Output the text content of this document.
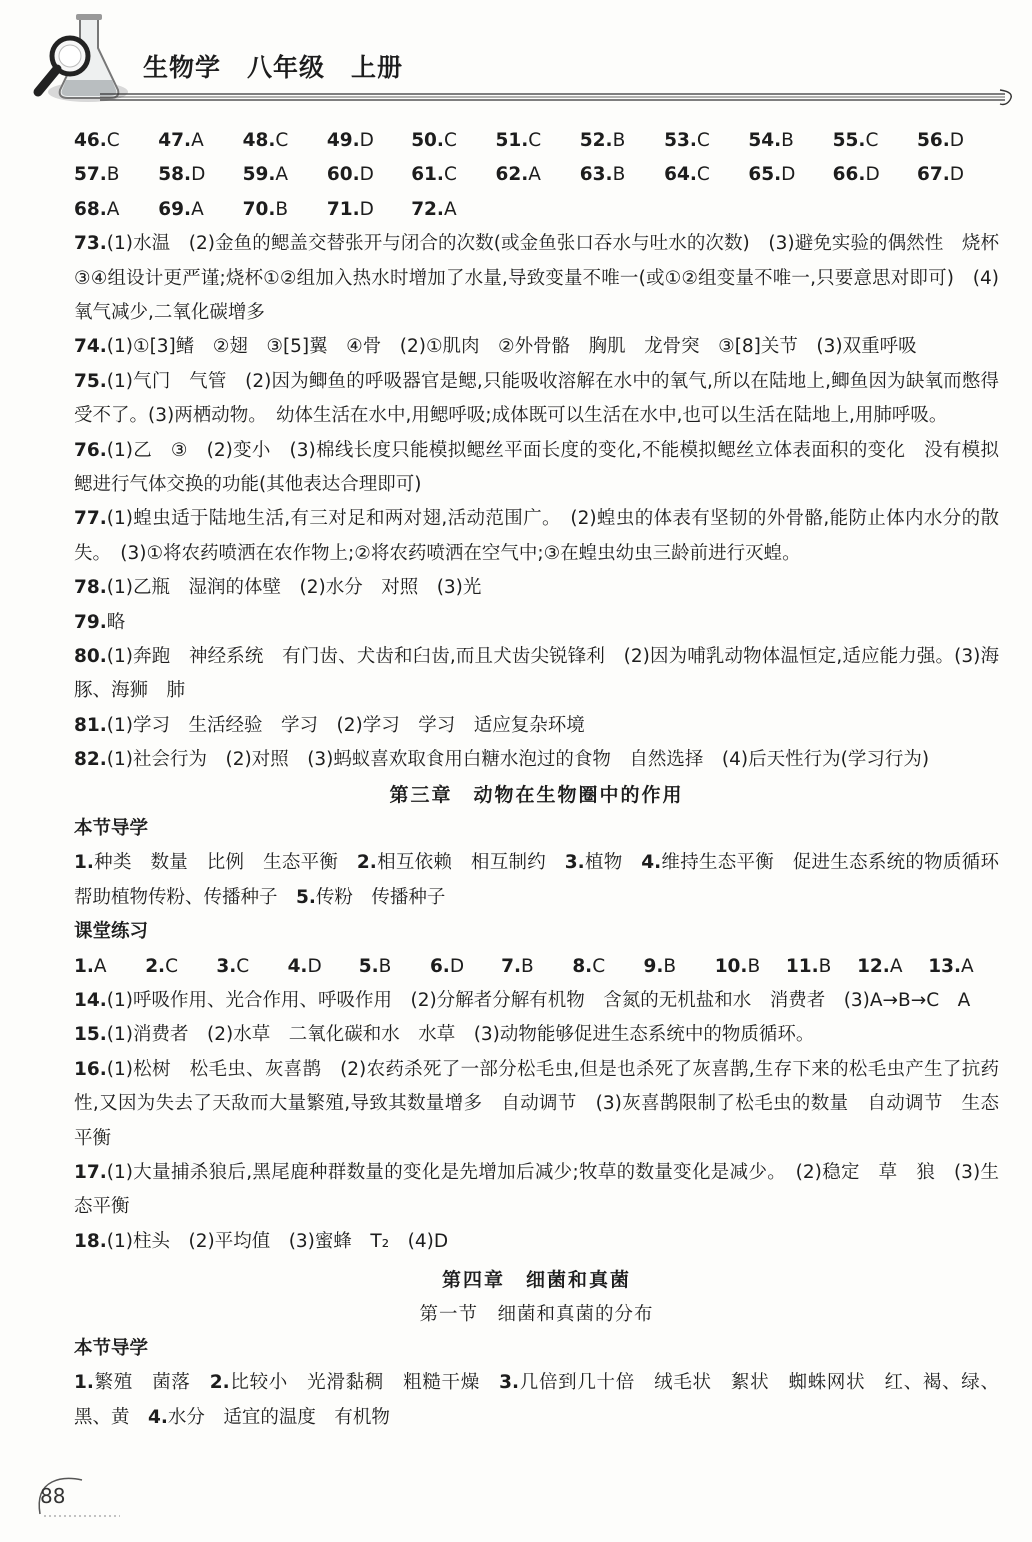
生物学　八年级　上册
46.C	47.A	48.C	49.D	50.C	51.C	52.B	53.C	54.B	55.C	56.D
57.B	58.D	59.A	60.D	61.C	62.A	63.B	64.C	65.D	66.D	67.D
68.A	69.A	70.B	71.D	72.A
73.(1)水温　(2)金鱼的鳃盖交替张开与闭合的次数(或金鱼张口吞水与吐水的次数)　(3)避免实验的偶然性　烧杯③④组设计更严谨;烧杯①②组加入热水时增加了水量,导致变量不唯一(或①②组变量不唯一,只要意思对即可)　(4)氧气减少,二氧化碳增多
74.(1)①[3]鳍　②翅　③[5]翼　④骨　(2)①肌肉　②外骨骼　胸肌　龙骨突　③[8]关节　(3)双重呼吸
75.(1)气门　气管　(2)因为鲫鱼的呼吸器官是鳃,只能吸收溶解在水中的氧气,所以在陆地上,鲫鱼因为缺氧而憋得受不了。(3)两栖动物。　幼体生活在水中,用鳃呼吸;成体既可以生活在水中,也可以生活在陆地上,用肺呼吸。
76.(1)乙　③　(2)变小　(3)棉线长度只能模拟鳃丝平面长度的变化,不能模拟鳃丝立体表面积的变化　没有模拟鳃进行气体交换的功能(其他表达合理即可)
77.(1)蝗虫适于陆地生活,有三对足和两对翅,活动范围广。　(2)蝗虫的体表有坚韧的外骨骼,能防止体内水分的散失。　(3)①将农药喷洒在农作物上;②将农药喷洒在空气中;③在蝗虫幼虫三龄前进行灭蝗。
78.(1)乙瓶　湿润的体壁　(2)水分　对照　(3)光
79.略
80.(1)奔跑　神经系统　有门齿、犬齿和臼齿,而且犬齿尖锐锋利　(2)因为哺乳动物体温恒定,适应能力强。(3)海豚、海狮　肺
81.(1)学习　生活经验　学习　(2)学习　学习　适应复杂环境
82.(1)社会行为　(2)对照　(3)蚂蚁喜欢取食用白糖水泡过的食物　自然选择　(4)后天性行为(学习行为)
第三章　动物在生物圈中的作用
本节导学
1.种类　数量　比例　生态平衡　2.相互依赖　相互制约　3.植物　4.维持生态平衡　促进生态系统的物质循环　帮助植物传粉、传播种子　5.传粉　传播种子
课堂练习
1.A	2.C	3.C	4.D	5.B	6.D	7.B	8.C	9.B	10.B	11.B	12.A	13.A
14.(1)呼吸作用、光合作用、呼吸作用　(2)分解者分解有机物　含氮的无机盐和水　消费者　(3)A→B→C　A
15.(1)消费者　(2)水草　二氧化碳和水　水草　(3)动物能够促进生态系统中的物质循环。
16.(1)松树　松毛虫、灰喜鹊　(2)农药杀死了一部分松毛虫,但是也杀死了灰喜鹊,生存下来的松毛虫产生了抗药性,又因为失去了天敌而大量繁殖,导致其数量增多　自动调节　(3)灰喜鹊限制了松毛虫的数量　自动调节　生态平衡
17.(1)大量捕杀狼后,黑尾鹿种群数量的变化是先增加后减少;牧草的数量变化是减少。　(2)稳定　草　狼　(3)生态平衡
18.(1)柱头　(2)平均值　(3)蜜蜂　T₂　(4)D
第四章　细菌和真菌
第一节　细菌和真菌的分布
本节导学
1.繁殖　菌落　2.比较小　光滑黏稠　粗糙干燥　3.几倍到几十倍　绒毛状　絮状　蜘蛛网状　红、褐、绿、黑、黄　4.水分　适宜的温度　有机物
88
